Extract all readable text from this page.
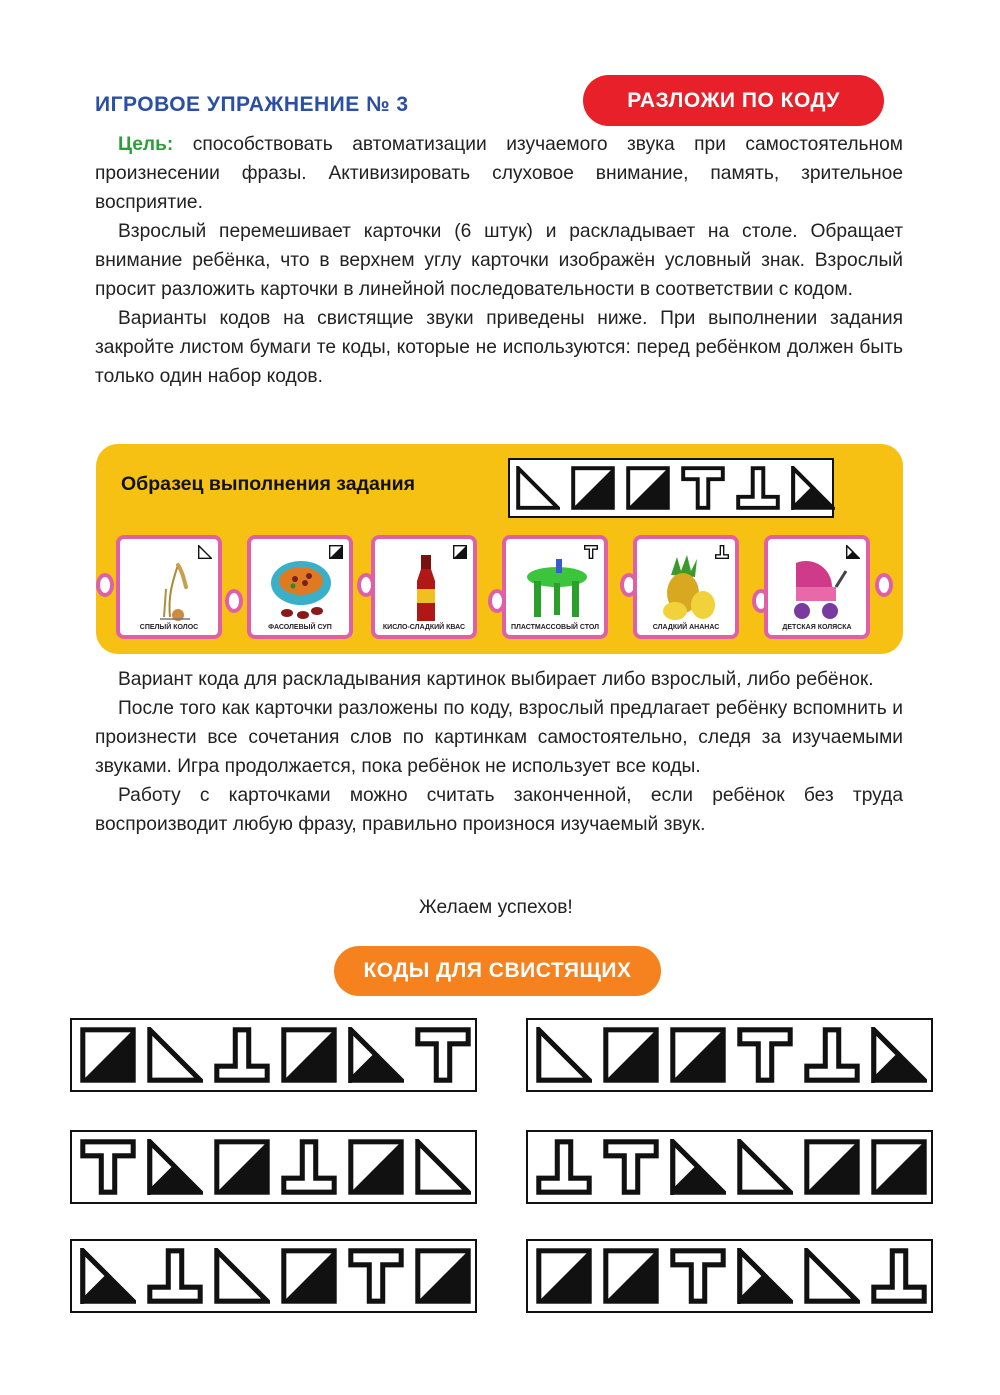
ИГРОВОЕ УПРАЖНЕНИЕ № 3	РАЗЛОЖИ ПО КОДУ

Цель: способствовать автоматизации изучаемого звука при самостоятельном произнесении фразы. Активизировать слуховое внимание, память, зрительное восприятие.

Взрослый перемешивает карточки (6 штук) и раскладывает на столе. Обращает внимание ребёнка, что в верхнем углу карточки изображён условный знак. Взрослый просит разложить карточки в линейной последовательности в соответствии с кодом.

Варианты кодов на свистящие звуки приведены ниже. При выполнении задания закройте листом бумаги те коды, которые не используются: перед ребёнком должен быть только один набор кодов.

Образец выполнения задания
СПЕЛЫЙ КОЛОС	ФАСОЛЕВЫЙ СУП	КИСЛО-СЛАДКИЙ КВАС	ПЛАСТМАССОВЫЙ СТОЛ	СЛАДКИЙ АНАНАС	ДЕТСКАЯ КОЛЯСКА

Вариант кода для раскладывания картинок выбирает либо взрослый, либо ребёнок.

После того как карточки разложены по коду, взрослый предлагает ребёнку вспомнить и произнести все сочетания слов по картинкам самостоятельно, следя за изучаемыми звуками. Игра продолжается, пока ребёнок не использует все коды.

Работу с карточками можно считать законченной, если ребёнок без труда воспроизводит любую фразу, правильно произнося изучаемый звук.

Желаем успехов!
КОДЫ ДЛЯ СВИСТЯЩИХ
